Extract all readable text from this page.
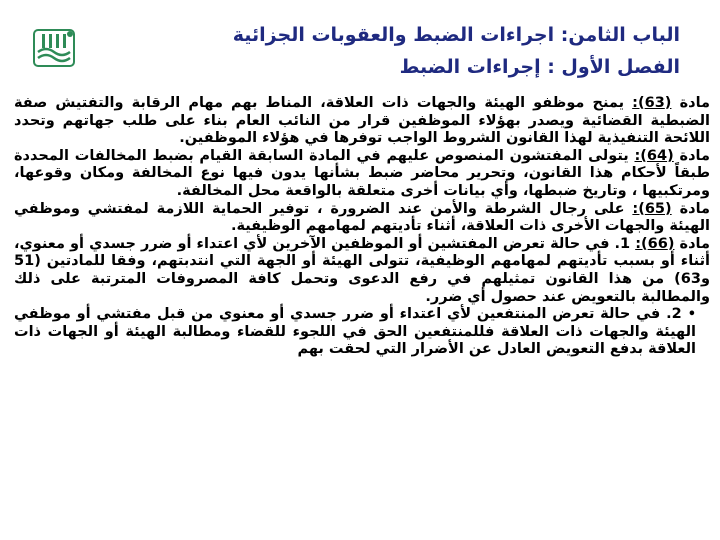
الباب الثامن: اجراءات الضبط والعقوبات الجزائية
الفصل الأول : إجراءات الضبط

مادة (63): يمنح موظفو الهيئة والجهات ذات العلاقة، المناط بهم مهام الرقابة والتفتيش صفة الضبطية القضائية ويصدر بهؤلاء الموظفين قرار من النائب العام بناء على طلب جهاتهم وتحدد اللائحة التنفيذية لهذا القانون الشروط الواجب توفرها في هؤلاء الموظفين.

مادة (64): يتولى المفتشون المنصوص عليهم في المادة السابقة القيام بضبط المخالفات المحددة طبقاً لأحكام هذا القانون، وتحرير محاضر ضبط بشأنها يدون فيها نوع المخالفة ومكان وقوعها، ومرتكبيها ، وتاريخ ضبطها، وأي بيانات أخرى متعلقة بالواقعة محل المخالفة.

مادة (65): على رجال الشرطة والأمن عند الضرورة ، توفير الحماية اللازمة لمفتشي وموظفي الهيئة والجهات الأخرى ذات العلاقة، أثناء تأديتهم لمهامهم الوظيفية.

مادة (66): 1. في حالة تعرض المفتشين أو الموظفين الآخرين لأي اعتداء أو ضرر جسدي أو معنوي، أثناء أو بسبب تأديتهم لمهامهم الوظيفية، تتولى الهيئة أو الجهة التي انتدبتهم، وفقا للمادتين (51 و63) من هذا القانون تمثيلهم في رفع الدعوى وتحمل كافة المصروفات المترتبة على ذلك والمطالبة بالتعويض عند حصول أي ضرر.

•2. في حالة تعرض المنتفعين لأي اعتداء أو ضرر جسدي أو معنوي من قبل مفتشي أو موظفي الهيئة والجهات ذات العلاقة فللمنتفعين الحق في اللجوء للقضاء ومطالبة الهيئة أو الجهات ذات العلاقة بدفع التعويض العادل عن الأضرار التي لحقت بهم
